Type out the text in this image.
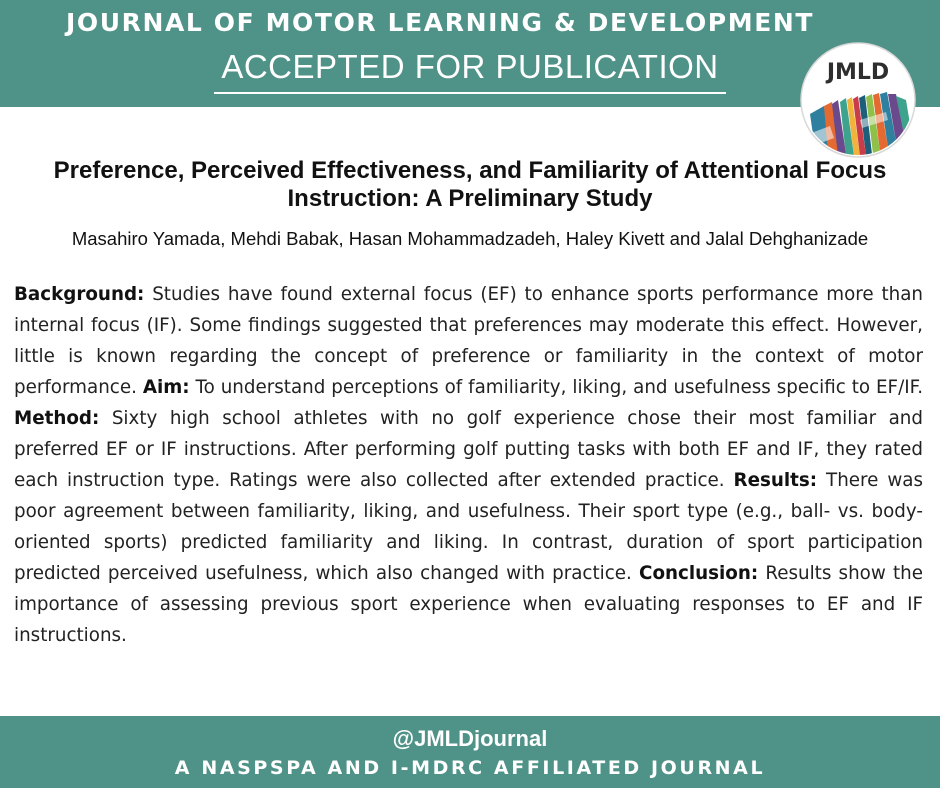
JOURNAL OF MOTOR LEARNING & DEVELOPMENT
ACCEPTED FOR PUBLICATION	JMLD
Preference, Perceived Effectiveness, and Familiarity of Attentional Focus Instruction: A Preliminary Study
Masahiro Yamada, Mehdi Babak, Hasan Mohammadzadeh, Haley Kivett and Jalal Dehghanizade
Background: Studies have found external focus (EF) to enhance sports performance more than internal focus (IF). Some findings suggested that preferences may moderate this effect. However, little is known regarding the concept of preference or familiarity in the context of motor performance. Aim: To understand perceptions of familiarity, liking, and usefulness specific to EF/IF. Method: Sixty high school athletes with no golf experience chose their most familiar and preferred EF or IF instructions. After performing golf putting tasks with both EF and IF, they rated each instruction type. Ratings were also collected after extended practice. Results: There was poor agreement between familiarity, liking, and usefulness. Their sport type (e.g., ball- vs. body-oriented sports) predicted familiarity and liking. In contrast, duration of sport participation predicted perceived usefulness, which also changed with practice. Conclusion: Results show the importance of assessing previous sport experience when evaluating responses to EF and IF instructions.
@JMLDjournal
A NASPSPA AND I-MDRC AFFILIATED JOURNAL
